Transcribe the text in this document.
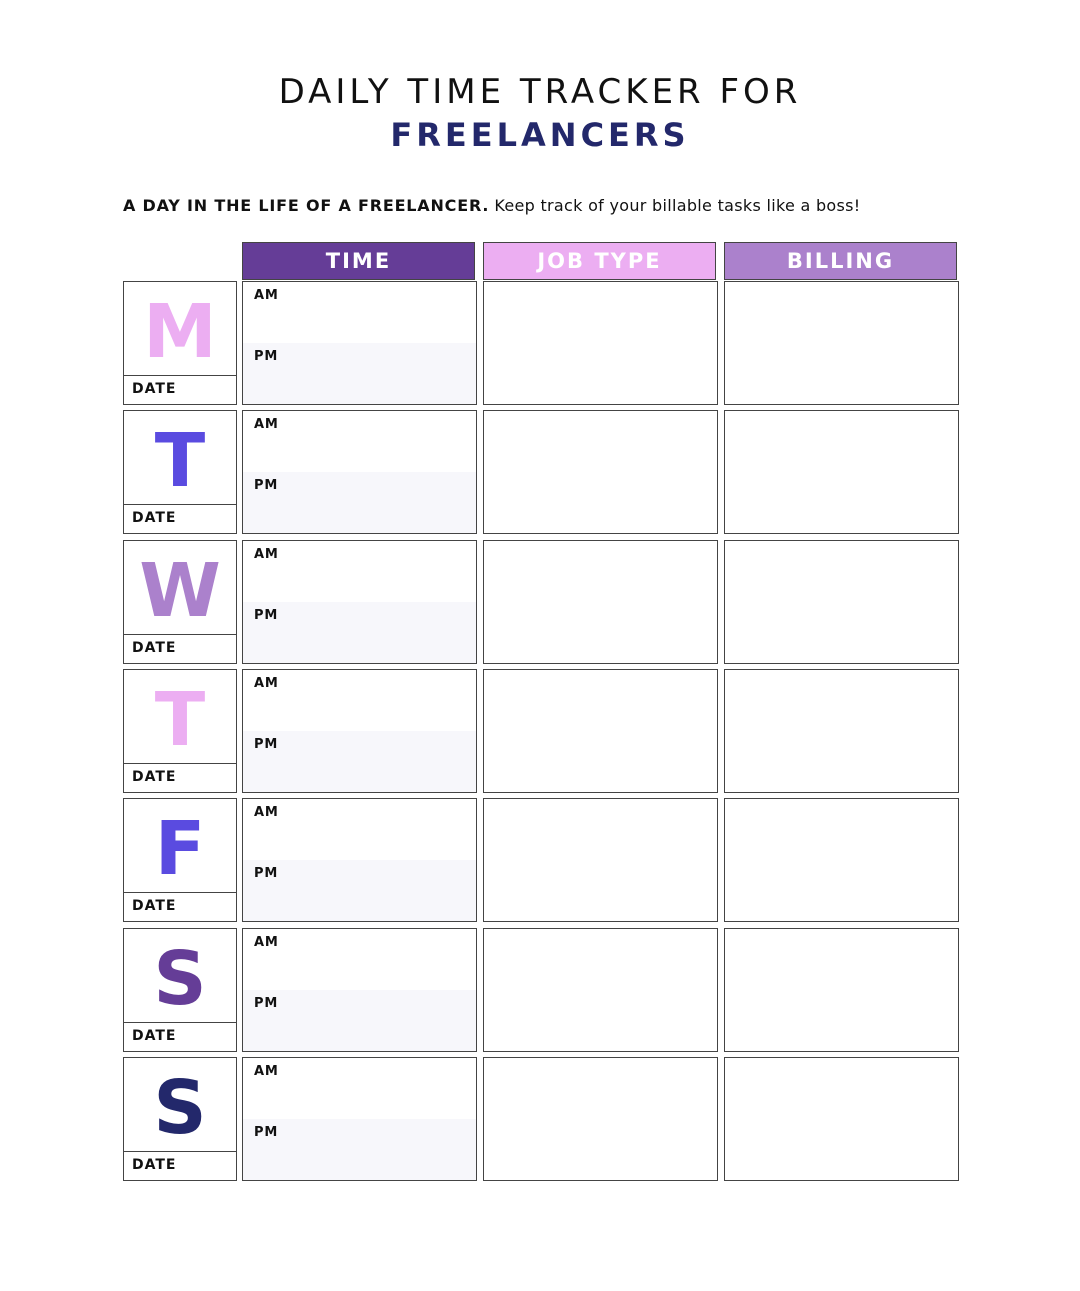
DAILY TIME TRACKER FOR
FREELANCERS
A DAY IN THE LIFE OF A FREELANCER. Keep track of your billable tasks like a boss!
TIME	JOB TYPE	BILLING
M
DATE
AM
PM
T
DATE
AM
PM
W
DATE
AM
PM
T
DATE
AM
PM
F
DATE
AM
PM
S
DATE
AM
PM
S
DATE
AM
PM
